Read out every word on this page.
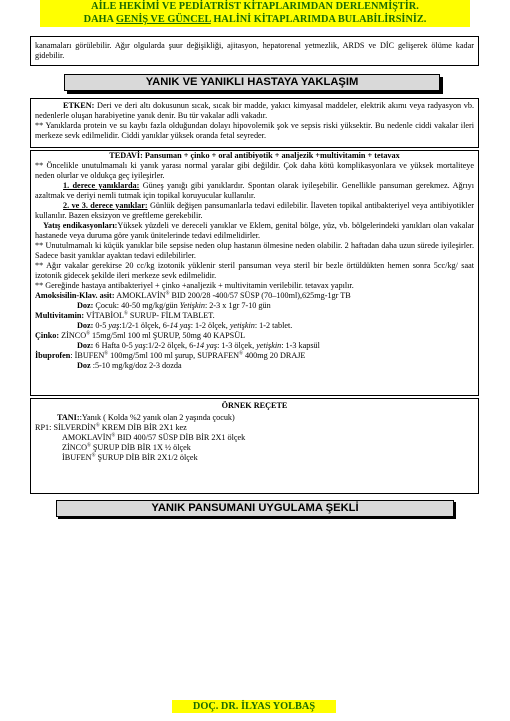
AİLE HEKİMİ VE PEDİATRİST KİTAPLARIMDAN DERLENMİŞTİR.
DAHA GENİŞ VE GÜNCEL HALİNİ KİTAPLARIMDA BULABİLİRSİNİZ.

kanamaları görülebilir. Ağır olgularda şuur değişikliği, ajitasyon, hepatorenal yetmezlik, ARDS ve DİC gelişerek ölüme kadar gidebilir.

YANIK VE YANIKLI HASTAYA YAKLAŞIM

ETKEN: Deri ve deri altı dokusunun sıcak, sıcak bir madde, yakıcı kimyasal maddeler, elektrik akımı veya radyasyon vb. nedenlerle oluşan harabiyetine yanık denir. Bu tür vakalar adli vakadır.

** Yanıklarda protein ve su kaybı fazla olduğundan dolayı hipovolemik şok ve sepsis riski yüksektir. Bu nedenle ciddi vakalar ileri merkeze sevk edilmelidir. Ciddi yanıklar yüksek oranda fetal seyreder.

TEDAVİ: Pansuman + çinko + oral antibiyotik + analjezik +multivitamin + tetavax

** Öncelikle unutulmamalı ki yanık yarası normal yaralar gibi değildir. Çok daha kötü komplikasyonlara ve yüksek mortaliteye neden olurlar ve oldukça geç iyileşirler.

1. derece yanıklarda: Güneş yanığı gibi yanıklardır. Spontan olarak iyileşebilir. Genellikle pansuman gerekmez. Ağrıyı azaltmak ve deriyi nemli tutmak için topikal koruyucular kullanılır.

2. ve 3. derece yanıklar: Günlük değişen pansumanlarla tedavi edilebilir. İlaveten topikal antibakteriyel veya antibiyotikler kullanılır. Bazen eksizyon ve greftleme gerekebilir.

Yatış endikasyonları:Yüksek yüzdeli ve dereceli yanıklar ve Eklem, genital bölge, yüz, vb. bölgelerindeki yanıkları olan vakalar hastanede veya duruma göre yanık ünitelerinde tedavi edilmelidirler.

** Unutulmamalı ki küçük yanıklar bile sepsise neden olup hastanın ölmesine neden olabilir. 2 haftadan daha uzun sürede iyileşirler. Sadece basit yanıklar ayaktan tedavi edilebilirler.

** Ağır vakalar gerekirse 20 cc/kg izotonik yüklenir steril pansuman veya steril bir bezle örtüldükten hemen sonra 5cc/kg/ saat izotonik gidecek şekilde ileri merkeze sevk edilmelidir.

** Gereğinde hastaya antibakteriyel + çinko +analjezik + multivitamin verilebilir. tetavax yapılır.

Amoksisilin-Klav. asit: AMOKLAVİN® BID 200/28 -400/57 SÜSP (70–100ml),625mg-1gr TB

Doz: Çocuk: 40-50 mg/kg/gün Yetişkin: 2-3 x 1gr 7-10 gün

Multivitamin: VİTABİOL® SURUP- FİLM TABLET.

Doz: 0-5 yaş:1/2-1 ölçek, 6-14 yaş: 1-2 ölçek, yetişkin: 1-2 tablet.

Çinko: ZİNCO® 15mg/5ml 100 ml ŞURUP, 50mg 40 KAPSÜL

Doz: 6 Hafta 0-5 yaş:1/2-2 ölçek, 6-14 yaş: 1-3 ölçek, yetişkin: 1-3 kapsül

İbuprofen: İBUFEN® 100mg/5ml 100 ml şurup, SUPRAFEN® 400mg 20 DRAJE

Doz :5-10 mg/kg/doz 2-3 dozda

ÖRNEK REÇETE

TANI::Yanık ( Kolda %2 yanık olan 2 yaşında çocuk)

RP1: SİLVERDİN® KREM DİB BİR 2X1 kez

AMOKLAVİN® BID 400/57 SÜSP DİB BİR 2X1 ölçek

ZİNCO® ŞURUP DİB BİR 1X ½ ölçek

İBUFEN® ŞURUP DİB BİR 2X1/2 ölçek

YANIK PANSUMANI UYGULAMA ŞEKLİ
DOÇ. DR. İLYAS YOLBAŞ
